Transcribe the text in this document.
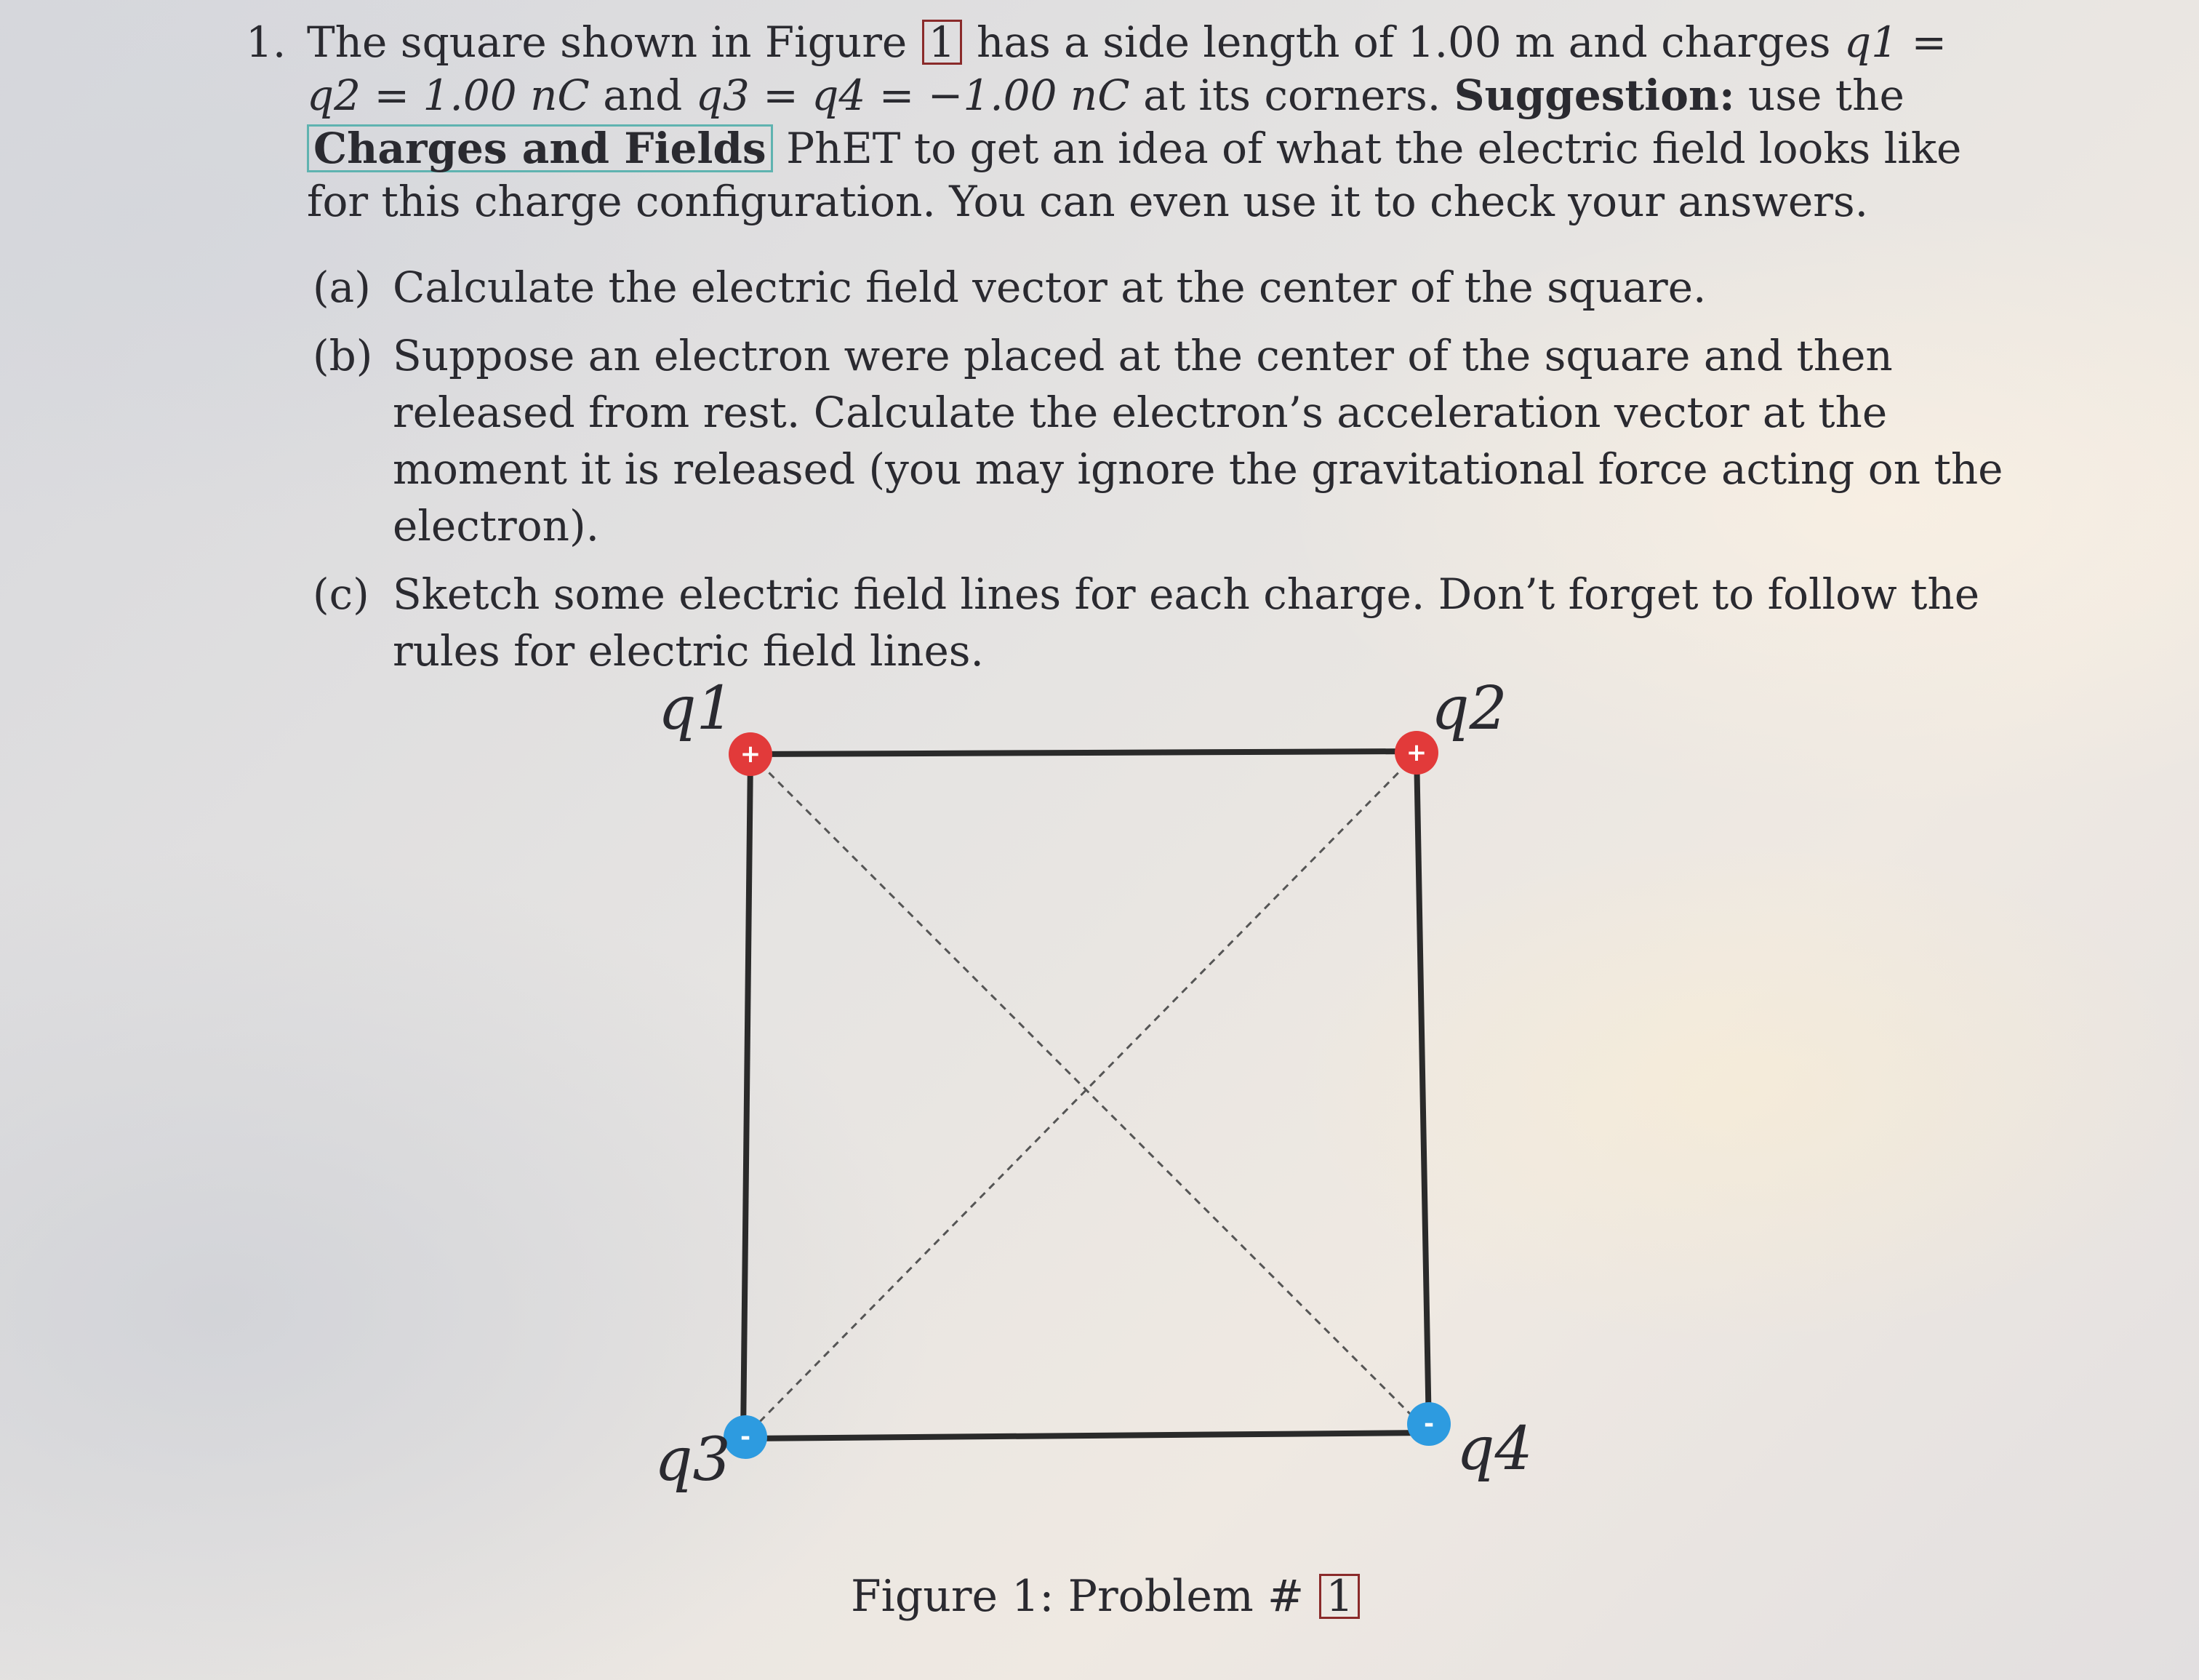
1. The square shown in Figure 1 has a side length of 1.00 m and charges q1 = q2 = 1.00 nC and q3 = q4 = −1.00 nC at its corners. Suggestion: use the Charges and Fields PhET to get an idea of what the electric field looks like for this charge configuration. You can even use it to check your answers.
(a) Calculate the electric field vector at the center of the square.
(b) Suppose an electron were placed at the center of the square and then released from rest. Calculate the electron’s acceleration vector at the moment it is released (you may ignore the gravitational force acting on the electron).
(c) Sketch some electric field lines for each charge. Don’t forget to follow the rules for electric field lines.
+	+
-	-
q1	q2
q3	q4
Figure 1: Problem # 1
